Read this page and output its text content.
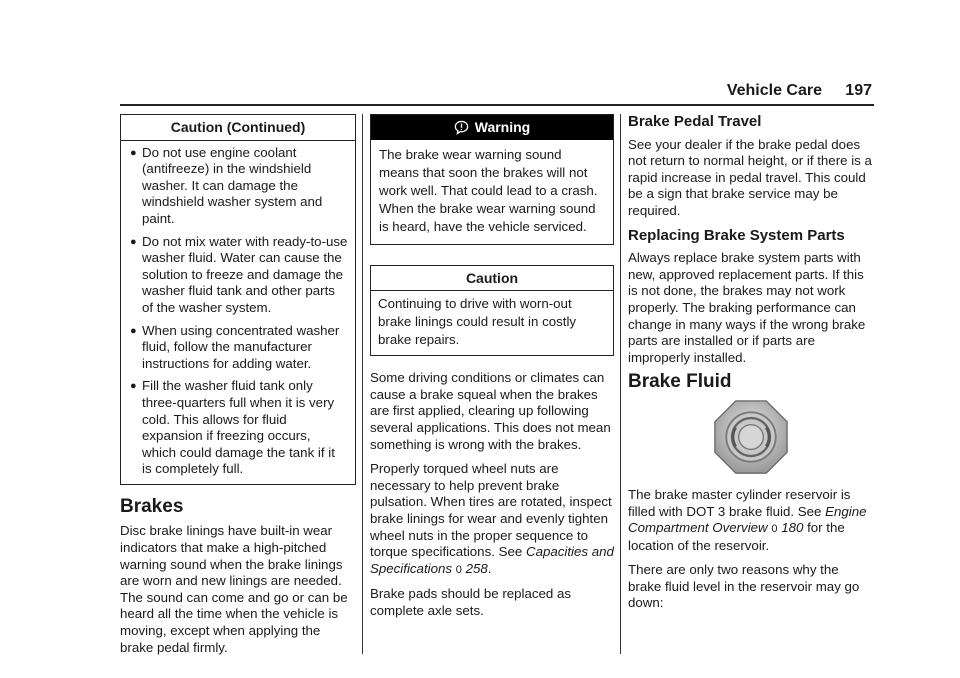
Vehicle Care 197
Caution (Continued)
● Do not use engine coolant (antifreeze) in the windshield washer. It can damage the windshield washer system and paint.
● Do not mix water with ready-to-use washer fluid. Water can cause the solution to freeze and damage the washer fluid tank and other parts of the washer system.
● When using concentrated washer fluid, follow the manufacturer instructions for adding water.
● Fill the washer fluid tank only three-quarters full when it is very cold. This allows for fluid expansion if freezing occurs, which could damage the tank if it is completely full.
Brakes

Disc brake linings have built-in wear indicators that make a high-pitched warning sound when the brake linings are worn and new linings are needed. The sound can come and go or can be heard all the time when the vehicle is moving, except when applying the brake pedal firmly.

Warning
The brake wear warning sound means that soon the brakes will not work well. That could lead to a crash. When the brake wear warning sound is heard, have the vehicle serviced.
Caution
Continuing to drive with worn-out brake linings could result in costly brake repairs.

Some driving conditions or climates can cause a brake squeal when the brakes are first applied, clearing up following several applications. This does not mean something is wrong with the brakes.

Properly torqued wheel nuts are necessary to help prevent brake pulsation. When tires are rotated, inspect brake linings for wear and evenly tighten wheel nuts in the proper sequence to torque specifications. See Capacities and Specifications 0 258.

Brake pads should be replaced as complete axle sets.

Brake Pedal Travel

See your dealer if the brake pedal does not return to normal height, or if there is a rapid increase in pedal travel. This could be a sign that brake service may be required.

Replacing Brake System Parts

Always replace brake system parts with new, approved replacement parts. If this is not done, the brakes may not work properly. The braking performance can change in many ways if the wrong brake parts are installed or if parts are improperly installed.

Brake Fluid

The brake master cylinder reservoir is filled with DOT 3 brake fluid. See Engine Compartment Overview 0 180 for the location of the reservoir.

There are only two reasons why the brake fluid level in the reservoir may go down:
